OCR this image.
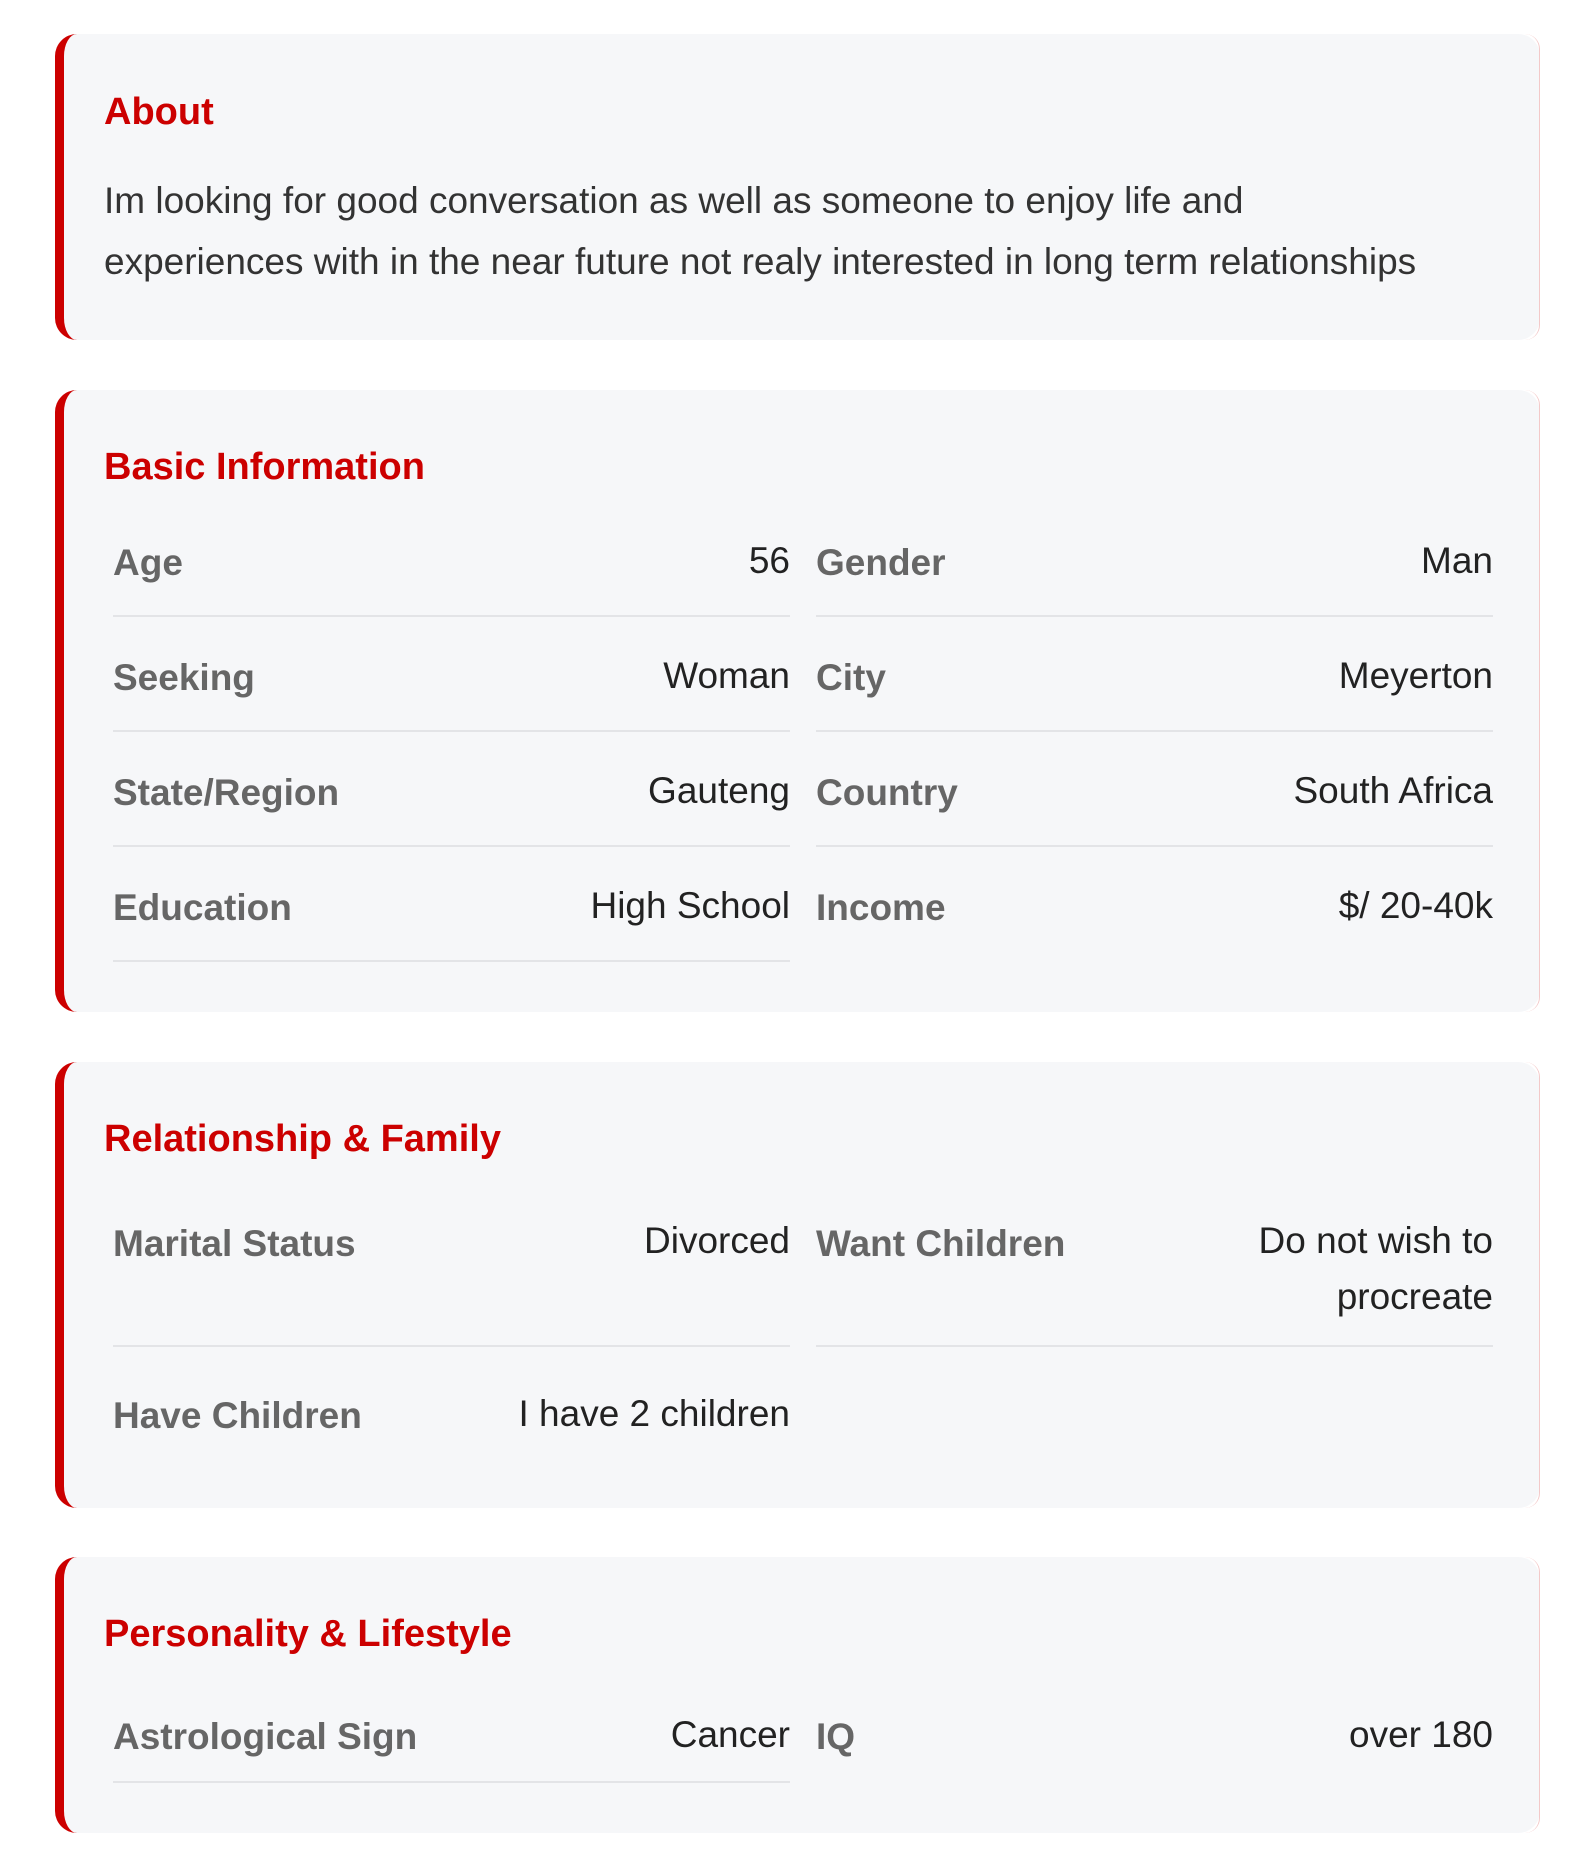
About
Im looking for good conversation as well as someone to enjoy life and
experiences with in the near future not realy interested in long term relationships
Basic Information
Age	56 Gender	Man
Seeking	Woman City	Meyerton
State/Region	Gauteng Country	South Africa
Education	High School Income	$/ 20-40k
Relationship & Family
Marital Status	Divorced Want Children	Do not wish to
procreate
Have Children	I have 2 children
Personality & Lifestyle
Astrological Sign	Cancer IQ	over 180
